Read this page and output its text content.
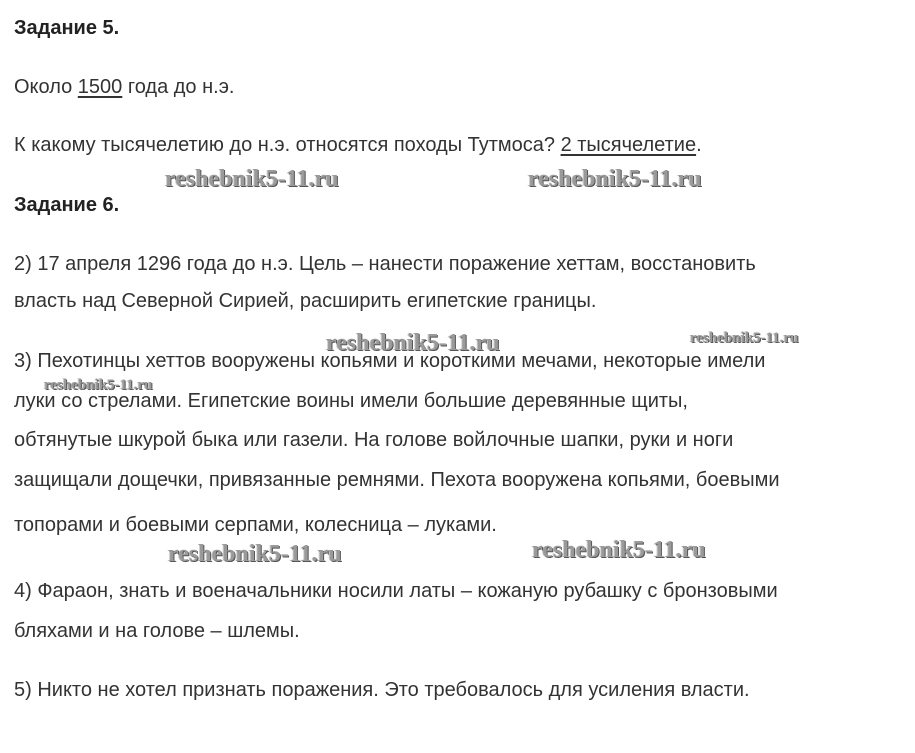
Задание 5.
Около 1500 года до н.э.
К какому тысячелетию до н.э. относятся походы Тутмоса? 2 тысячелетие.
Задание 6.
2) 17 апреля 1296 года до н.э. Цель – нанести поражение хеттам, восстановить
власть над Северной Сирией, расширить египетские границы.
3) Пехотинцы хеттов вооружены копьями и короткими мечами, некоторые имели
луки со стрелами. Египетские воины имели большие деревянные щиты,
обтянутые шкурой быка или газели. На голове войлочные шапки, руки и ноги
защищали дощечки, привязанные ремнями. Пехота вооружена копьями, боевыми
топорами и боевыми серпами, колесница – луками.
4) Фараон, знать и военачальники носили латы – кожаную рубашку с бронзовыми
бляхами и на голове – шлемы.
5) Никто не хотел признать поражения. Это требовалось для усиления власти.
reshebnik5-11.ru	reshebnik5-11.ru
reshebnik5-11.ru	reshebnik5-11.ru
reshebnik5-11.ru
reshebnik5-11.ru	reshebnik5-11.ru
